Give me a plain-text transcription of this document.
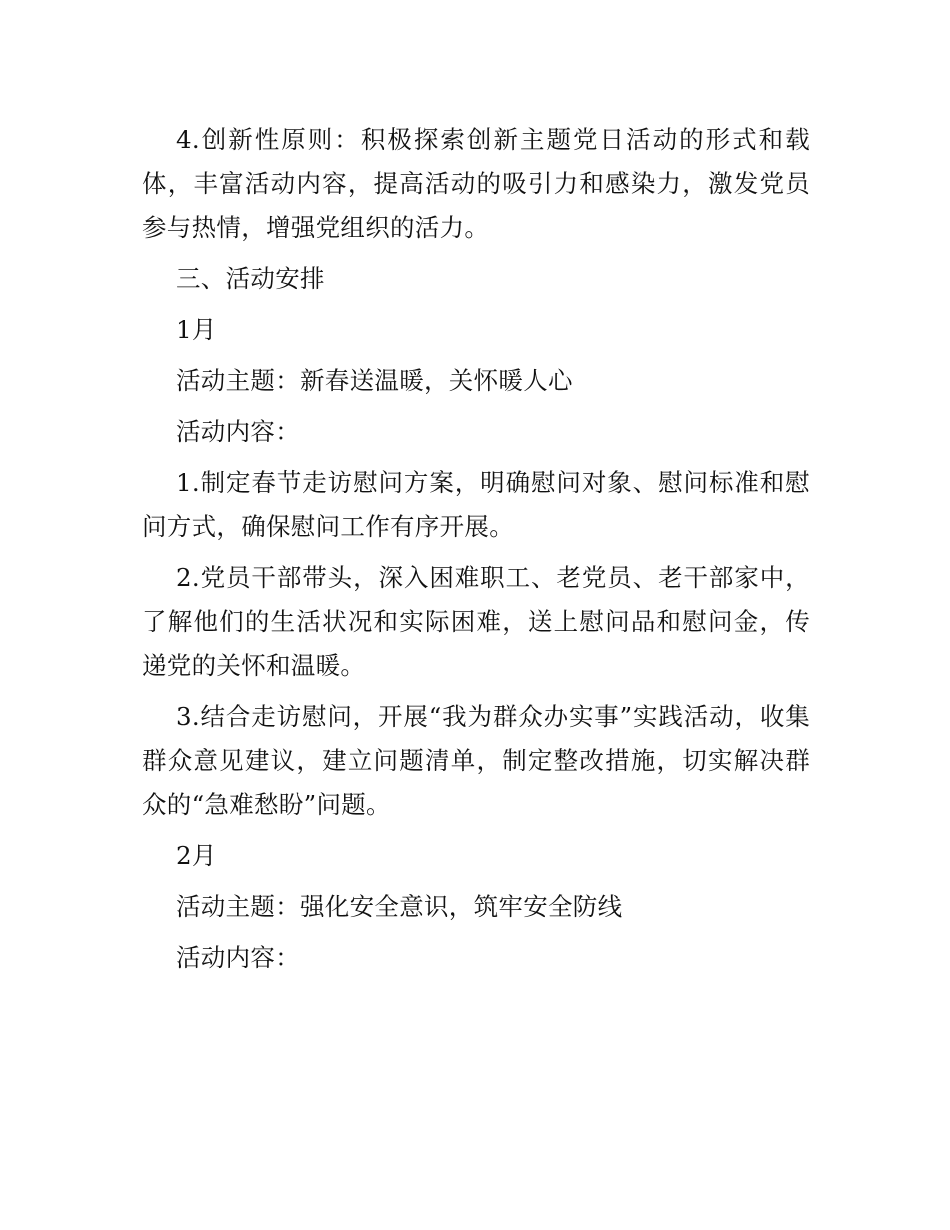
4.创新性原则：积极探索创新主题党日活动的形式和载体，丰富活动内容，提高活动的吸引力和感染力，激发党员参与热情，增强党组织的活力。

三、活动安排

1月

活动主题：新春送温暖，关怀暖人心

活动内容：

1.制定春节走访慰问方案，明确慰问对象、慰问标准和慰问方式，确保慰问工作有序开展。

2.党员干部带头，深入困难职工、老党员、老干部家中，了解他们的生活状况和实际困难，送上慰问品和慰问金，传递党的关怀和温暖。

3.结合走访慰问，开展“我为群众办实事”实践活动，收集群众意见建议，建立问题清单，制定整改措施，切实解决群众的“急难愁盼”问题。

2月

活动主题：强化安全意识，筑牢安全防线

活动内容：
